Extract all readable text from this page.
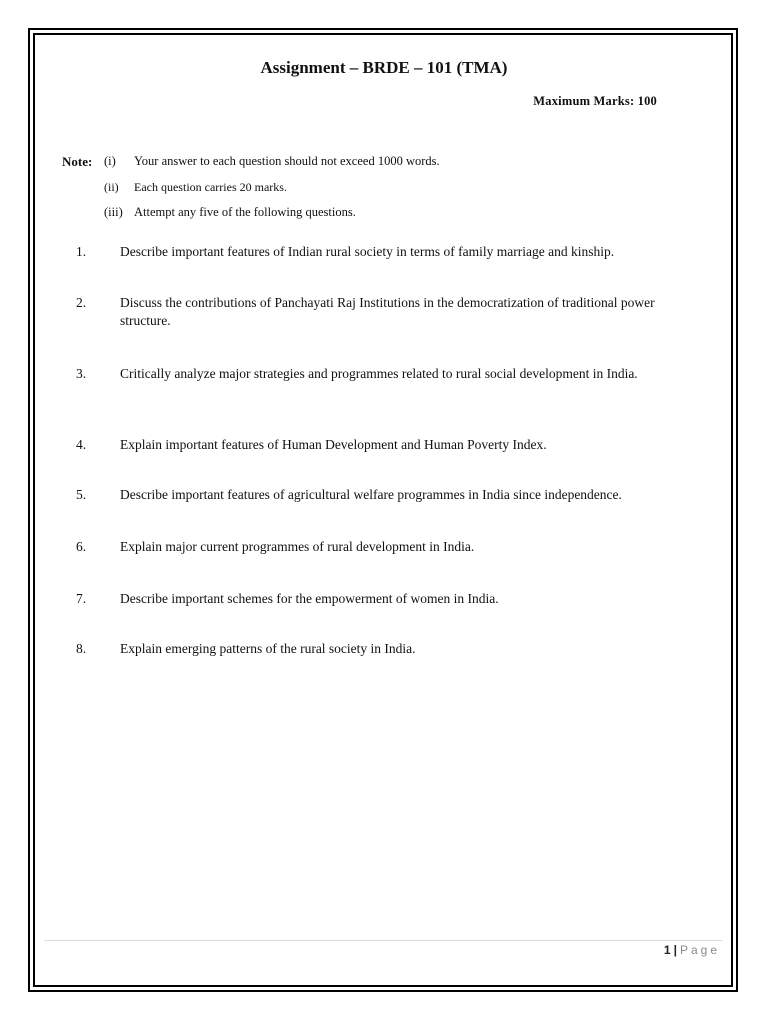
Assignment – BRDE – 101 (TMA)
Maximum Marks: 100
Note: (i)	Your answer to each question should not exceed 1000 words.
(ii)	Each question carries 20 marks.
(iii) Attempt any five of the following questions.
1.	Describe important features of Indian rural society in terms of family marriage and kinship.
2.	Discuss the contributions of Panchayati Raj Institutions in the democratization of traditional power structure.
3.	Critically analyze major strategies and programmes related to rural social development in India.
4.	Explain important features of Human Development and Human Poverty Index.
5.	Describe important features of agricultural welfare programmes in India since independence.
6.	Explain major current programmes of rural development in India.
7.	Describe important schemes for the empowerment of women in India.
8.	Explain emerging patterns of the rural society in India.
1 | Page
